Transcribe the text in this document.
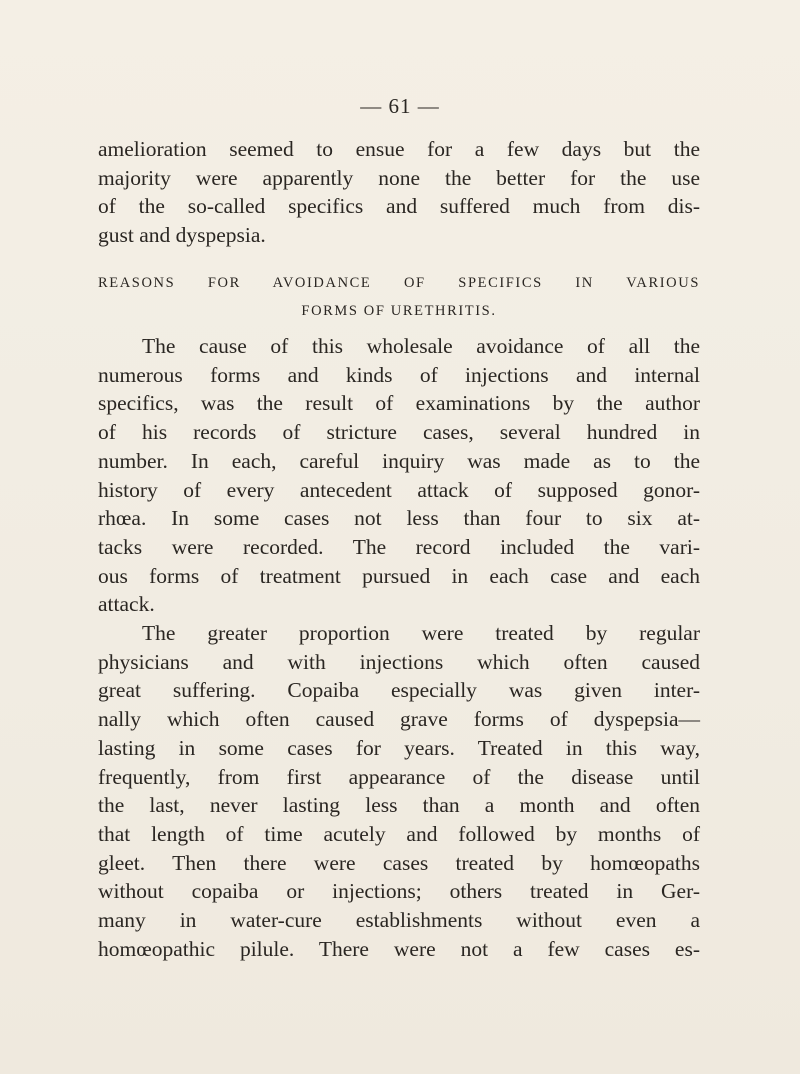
— 61 —
amelioration seemed to ensue for a few days but the
majority were apparently none the better for the use
of the so-called specifics and suffered much from dis-
gust and dyspepsia.
REASONS FOR AVOIDANCE OF SPECIFICS IN VARIOUS
FORMS OF URETHRITIS.
The cause of this wholesale avoidance of all the
numerous forms and kinds of injections and internal
specifics, was the result of examinations by the author
of his records of stricture cases, several hundred in
number. In each, careful inquiry was made as to the
history of every antecedent attack of supposed gonor-
rhœa. In some cases not less than four to six at-
tacks were recorded. The record included the vari-
ous forms of treatment pursued in each case and each
attack.
The greater proportion were treated by regular
physicians and with injections which often caused
great suffering. Copaiba especially was given inter-
nally which often caused grave forms of dyspepsia—
lasting in some cases for years. Treated in this way,
frequently, from first appearance of the disease until
the last, never lasting less than a month and often
that length of time acutely and followed by months of
gleet. Then there were cases treated by homœopaths
without copaiba or injections; others treated in Ger-
many in water-cure establishments without even a
homœopathic pilule. There were not a few cases es-
